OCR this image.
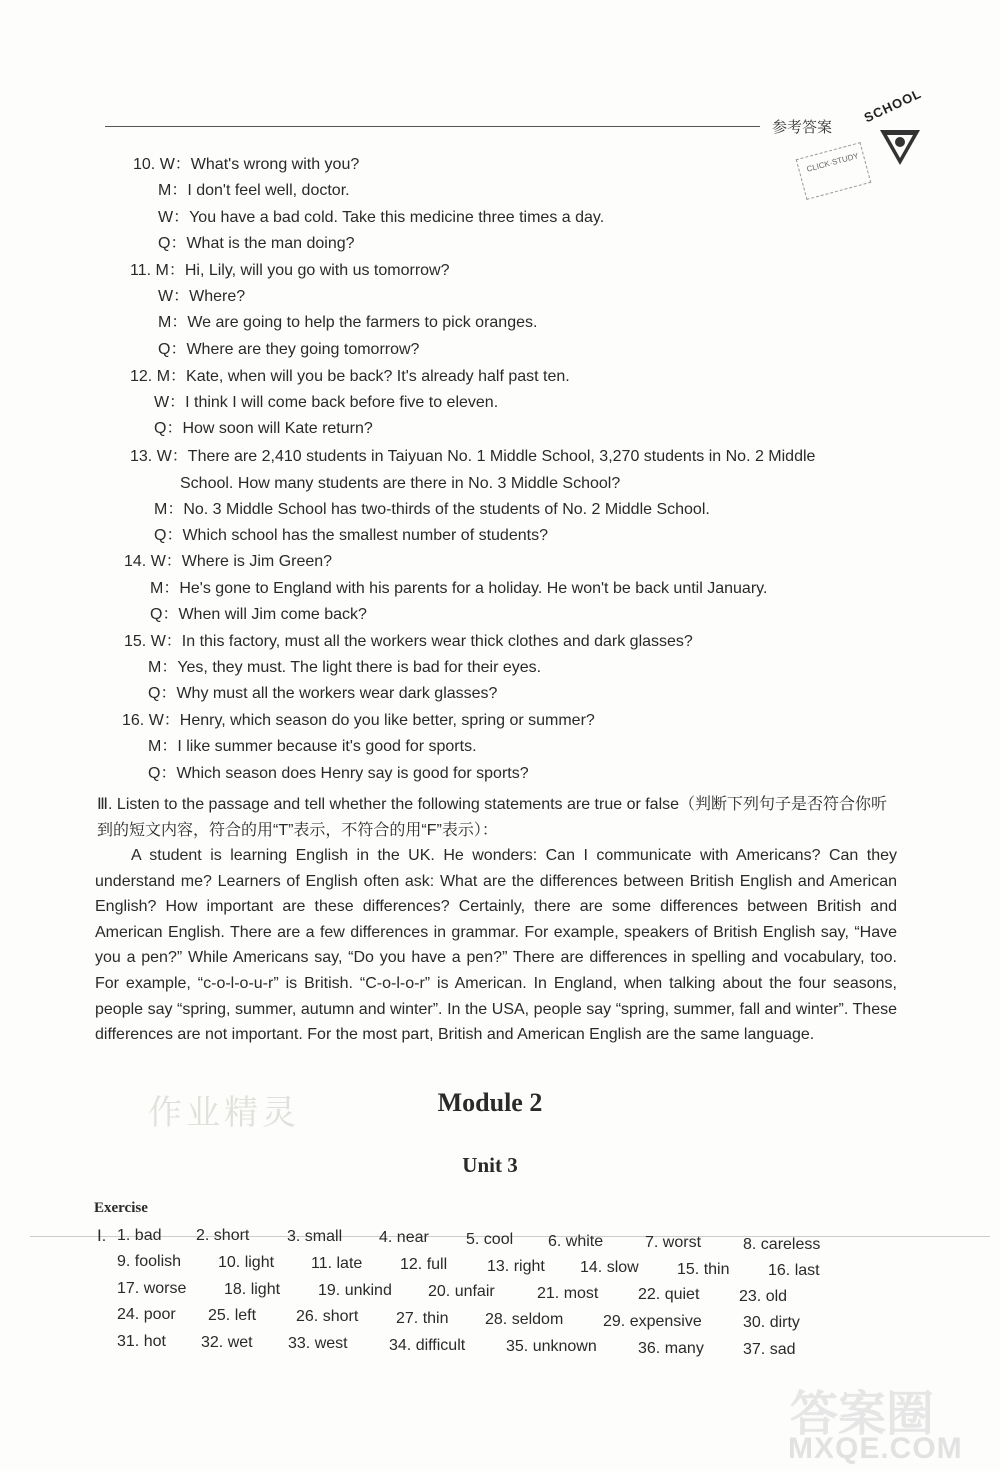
参考答案
SCHOOL
CLICK·STUDY
10. W：What's wrong with you?
M：I don't feel well, doctor.
W：You have a bad cold. Take this medicine three times a day.
Q：What is the man doing?
11. M：Hi, Lily, will you go with us tomorrow?
W：Where?
M：We are going to help the farmers to pick oranges.
Q：Where are they going tomorrow?
12. M：Kate, when will you be back? It's already half past ten.
W：I think I will come back before five to eleven.
Q：How soon will Kate return?
13. W：There are 2,410 students in Taiyuan No. 1 Middle School, 3,270 students in No. 2 Middle
School. How many students are there in No. 3 Middle School?
M：No. 3 Middle School has two-thirds of the students of No. 2 Middle School.
Q：Which school has the smallest number of students?
14. W：Where is Jim Green?
M：He's gone to England with his parents for a holiday. He won't be back until January.
Q：When will Jim come back?
15. W：In this factory, must all the workers wear thick clothes and dark glasses?
M：Yes, they must. The light there is bad for their eyes.
Q：Why must all the workers wear dark glasses?
16. W：Henry, which season do you like better, spring or summer?
M：I like summer because it's good for sports.
Q：Which season does Henry say is good for sports?
Ⅲ. Listen to the passage and tell whether the following statements are true or false（判断下列句子是否符合你听到的短文内容，符合的用“T”表示，不符合的用“F”表示）：
A student is learning English in the UK. He wonders: Can I communicate with Americans? Can they understand me? Learners of English often ask: What are the differences between British English and American English? How important are these differences? Certainly, there are some differences between British and American English. There are a few differences in grammar. For example, speakers of British English say, “Have you a pen?” While Americans say, “Do you have a pen?” There are differences in spelling and vocabulary, too. For example, “c-o-l-o-u-r” is British. “C-o-l-o-r” is American. In England, when talking about the four seasons, people say “spring, summer, autumn and winter”. In the USA, people say “spring, summer, fall and winter”. These differences are not important. For the most part, British and American English are the same language.
作业精灵	Module 2
Unit 3
Exercise
Ⅰ. 1. bad 2. short 3. small 4. near 5. cool 6. white	7. worst	8. careless
9. foolish 10. light 11. late 12. full 13. right 14. slow 15. thin 16. last
17. worse 18. light 19. unkind 20. unfair	21. most 22. quiet 23. old
24. poor 25. left 26. short 27. thin 28. seldom 29. expensive	30. dirty
31. hot 32. wet 33. west	34. difficult	35. unknown	36. many 37. sad
答案圈
MXQE.COM
